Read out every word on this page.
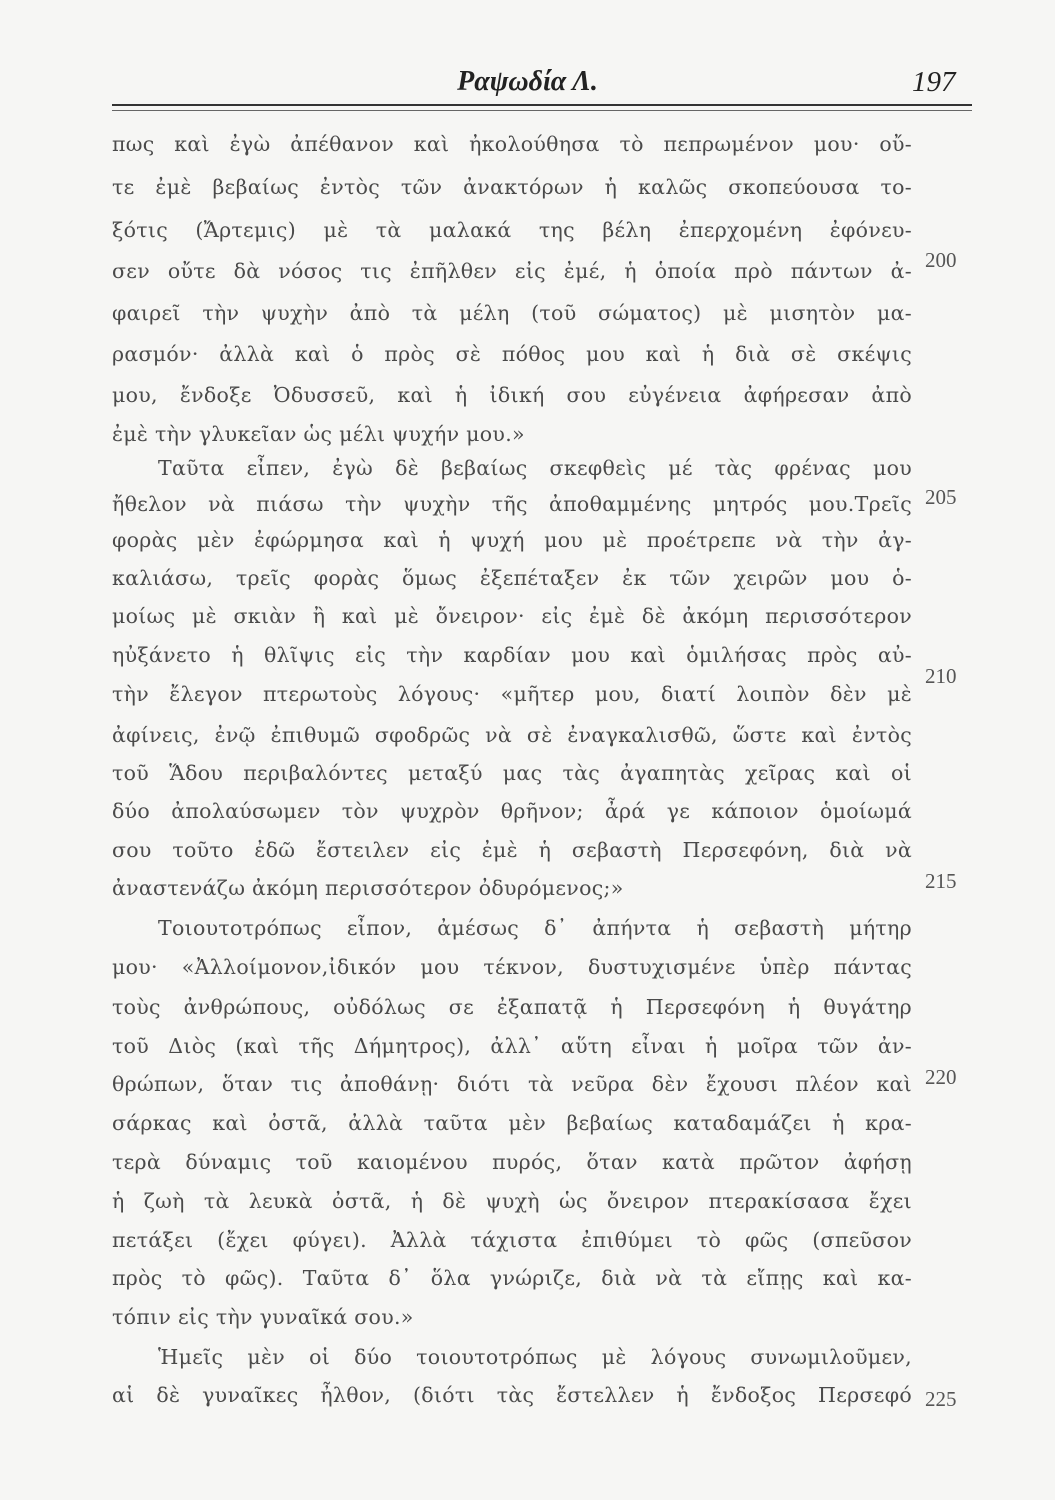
Ραψωδία Λ.	197
πως καὶ ἐγὼ ἀπέθανον καὶ ἠκολούθησα τὸ πεπρωμένον μου· οὔ-
τε ἐμὲ βεβαίως ἐντὸς τῶν ἀνακτόρων ἡ καλῶς σκοπεύουσα το-
ξότις (Ἄρτεμις) μὲ τὰ μαλακά της βέλη ἐπερχομένη ἐφόνευ-
σεν οὔτε δὰ νόσος τις ἐπῆλθεν εἰς ἐμέ, ἡ ὁποία πρὸ πάντων ἀ-
φαιρεῖ τὴν ψυχὴν ἀπὸ τὰ μέλη (τοῦ σώματος) μὲ μισητὸν μα-
ρασμόν· ἀλλὰ καὶ ὁ πρὸς σὲ πόθος μου καὶ ἡ διὰ σὲ σκέψις
μου, ἔνδοξε Ὀδυσσεῦ, καὶ ἡ ἰδική σου εὐγένεια ἀφήρεσαν ἀπὸ
ἐμὲ τὴν γλυκεῖαν ὡς μέλι ψυχήν μου.»
Ταῦτα εἶπεν, ἐγὼ δὲ βεβαίως σκεφθεὶς μέ τὰς φρένας μου
ἤθελον νὰ πιάσω τὴν ψυχὴν τῆς ἀποθαμμένης μητρός μου.Τρεῖς
φορὰς μὲν ἐφώρμησα καὶ ἡ ψυχή μου μὲ προέτρεπε νὰ τὴν ἀγ-
καλιάσω, τρεῖς φορὰς ὅμως ἐξεπέταξεν ἐκ τῶν χειρῶν μου ὁ-
μοίως μὲ σκιὰν ἢ καὶ μὲ ὄνειρον· εἰς ἐμὲ δὲ ἀκόμη περισσότερον
ηὐξάνετο ἡ θλῖψις εἰς τὴν καρδίαν μου καὶ ὁμιλήσας πρὸς αὐ-
τὴν ἔλεγον πτερωτοὺς λόγους· «μῆτερ μου, διατί λοιπὸν δὲν μὲ
ἀφίνεις, ἐνῷ ἐπιθυμῶ σφοδρῶς νὰ σὲ ἐναγκαλισθῶ, ὥστε καὶ ἐντὸς
τοῦ Ἅδου περιβαλόντες μεταξύ μας τὰς ἀγαπητὰς χεῖρας καὶ οἱ
δύο ἀπολαύσωμεν τὸν ψυχρὸν θρῆνον; ἆρά γε κάποιον ὁμοίωμά
σου τοῦτο ἐδῶ ἔστειλεν εἰς ἐμὲ ἡ σεβαστὴ Περσεφόνη, διὰ νὰ
ἀναστενάζω ἀκόμη περισσότερον ὀδυρόμενος;»
Τοιουτοτρόπως εἶπον, ἀμέσως δ᾽ ἀπήντα ἡ σεβαστὴ μήτηρ
μου· «Ἀλλοίμονον,ἰδικόν μου τέκνον, δυστυχισμένε ὑπὲρ πάντας
τοὺς ἀνθρώπους, οὐδόλως σε ἐξαπατᾷ ἡ Περσεφόνη ἡ θυγάτηρ
τοῦ Διὸς (καὶ τῆς Δήμητρος), ἀλλ᾽ αὕτη εἶναι ἡ μοῖρα τῶν ἀν-
θρώπων, ὅταν τις ἀποθάνῃ· διότι τὰ νεῦρα δὲν ἔχουσι πλέον καὶ
σάρκας καὶ ὀστᾶ, ἀλλὰ ταῦτα μὲν βεβαίως καταδαμάζει ἡ κρα-
τερὰ δύναμις τοῦ καιομένου πυρός, ὅταν κατὰ πρῶτον ἀφήσῃ
ἡ ζωὴ τὰ λευκὰ ὀστᾶ, ἡ δὲ ψυχὴ ὡς ὄνειρον πτερακίσασα ἔχει
πετάξει (ἔχει φύγει). Ἀλλὰ τάχιστα ἐπιθύμει τὸ φῶς (σπεῦσον
πρὸς τὸ φῶς). Ταῦτα δ᾽ ὅλα γνώριζε, διὰ νὰ τὰ εἴπῃς καὶ κα-
τόπιν εἰς τὴν γυναῖκά σου.»
Ἡμεῖς μὲν οἱ δύο τοιουτοτρόπως μὲ λόγους συνωμιλοῦμεν,
αἱ δὲ γυναῖκες ἦλθον, (διότι τὰς ἔστελλεν ἡ ἔνδοξος Περσεφό
200
205
210
215
220
225
